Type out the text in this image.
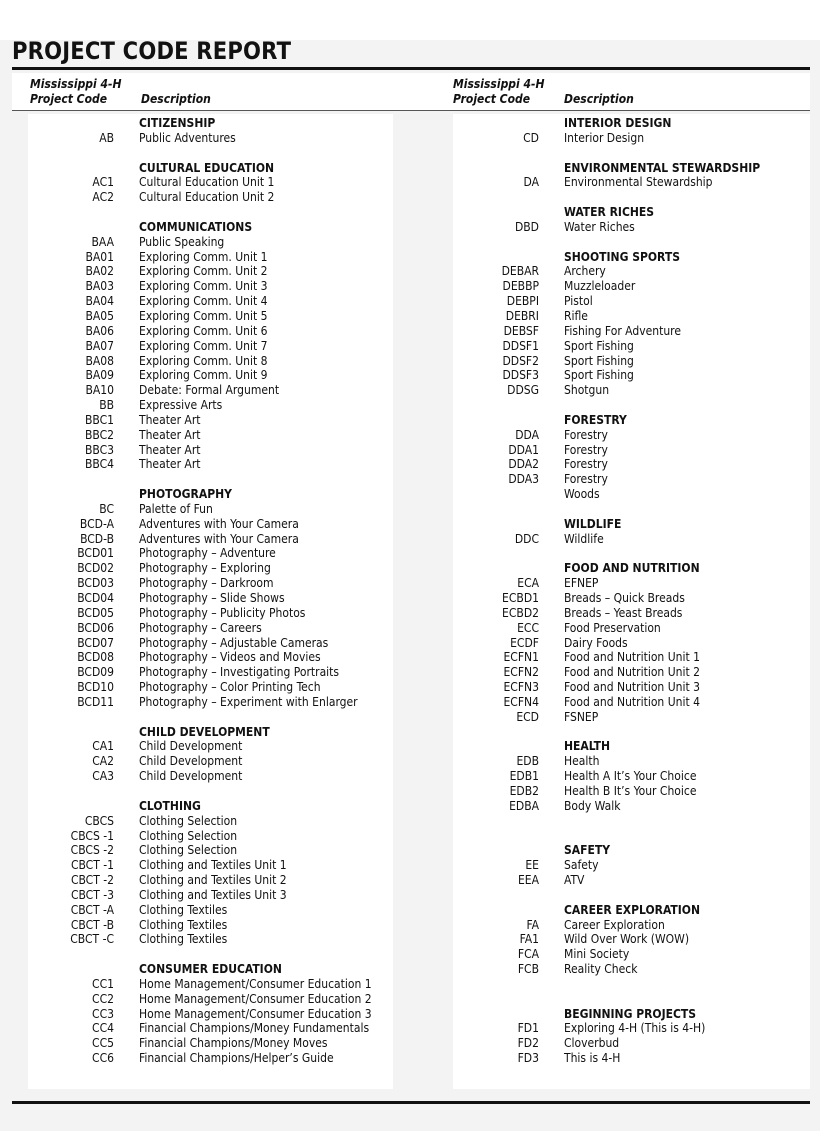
PROJECT CODE REPORT
Mississippi 4-H
Project Code	Description
Mississippi 4-H
Project Code	Description
CITIZENSHIP
AB Public Adventures
CULTURAL EDUCATION
AC1 Cultural Education Unit 1
AC2 Cultural Education Unit 2
COMMUNICATIONS
BAA Public Speaking
BA01 Exploring Comm. Unit 1
BA02 Exploring Comm. Unit 2
BA03 Exploring Comm. Unit 3
BA04 Exploring Comm. Unit 4
BA05 Exploring Comm. Unit 5
BA06 Exploring Comm. Unit 6
BA07 Exploring Comm. Unit 7
BA08 Exploring Comm. Unit 8
BA09 Exploring Comm. Unit 9
BA10 Debate: Formal Argument
BB Expressive Arts
BBC1 Theater Art
BBC2 Theater Art
BBC3 Theater Art
BBC4 Theater Art
PHOTOGRAPHY
BC Palette of Fun
BCD-A Adventures with Your Camera
BCD-B Adventures with Your Camera
BCD01 Photography – Adventure
BCD02 Photography – Exploring
BCD03 Photography – Darkroom
BCD04 Photography – Slide Shows
BCD05 Photography – Publicity Photos
BCD06 Photography – Careers
BCD07 Photography – Adjustable Cameras
BCD08 Photography – Videos and Movies
BCD09 Photography – Investigating Portraits
BCD10 Photography – Color Printing Tech
BCD11 Photography – Experiment with Enlarger
CHILD DEVELOPMENT
CA1 Child Development
CA2 Child Development
CA3 Child Development
CLOTHING
CBCS Clothing Selection
CBCS -1 Clothing Selection
CBCS -2 Clothing Selection
CBCT -1 Clothing and Textiles Unit 1
CBCT -2 Clothing and Textiles Unit 2
CBCT -3 Clothing and Textiles Unit 3
CBCT -A Clothing Textiles
CBCT -B Clothing Textiles
CBCT -C Clothing Textiles
CONSUMER EDUCATION
CC1 Home Management/Consumer Education 1
CC2 Home Management/Consumer Education 2
CC3 Home Management/Consumer Education 3
CC4 Financial Champions/Money Fundamentals
CC5 Financial Champions/Money Moves
CC6 Financial Champions/Helper’s Guide
INTERIOR DESIGN
CD Interior Design
ENVIRONMENTAL STEWARDSHIP
DA Environmental Stewardship
WATER RICHES
DBD Water Riches
SHOOTING SPORTS
DEBAR Archery
DEBBP Muzzleloader
DEBPI Pistol
DEBRI Rifle
DEBSF Fishing For Adventure
DDSF1 Sport Fishing
DDSF2 Sport Fishing
DDSF3 Sport Fishing
DDSG Shotgun
FORESTRY
DDA Forestry
DDA1 Forestry
DDA2 Forestry
DDA3 Forestry
Woods
WILDLIFE
DDC Wildlife
FOOD AND NUTRITION
ECA EFNEP
ECBD1 Breads – Quick Breads
ECBD2 Breads – Yeast Breads
ECC Food Preservation
ECDF Dairy Foods
ECFN1 Food and Nutrition Unit 1
ECFN2 Food and Nutrition Unit 2
ECFN3 Food and Nutrition Unit 3
ECFN4 Food and Nutrition Unit 4
ECD FSNEP
HEALTH
EDB Health
EDB1 Health A It’s Your Choice
EDB2 Health B It’s Your Choice
EDBA Body Walk
SAFETY
EE Safety
EEA ATV
CAREER EXPLORATION
FA Career Exploration
FA1 Wild Over Work (WOW)
FCA Mini Society
FCB Reality Check
BEGINNING PROJECTS
FD1 Exploring 4-H (This is 4-H)
FD2 Cloverbud
FD3 This is 4-H
